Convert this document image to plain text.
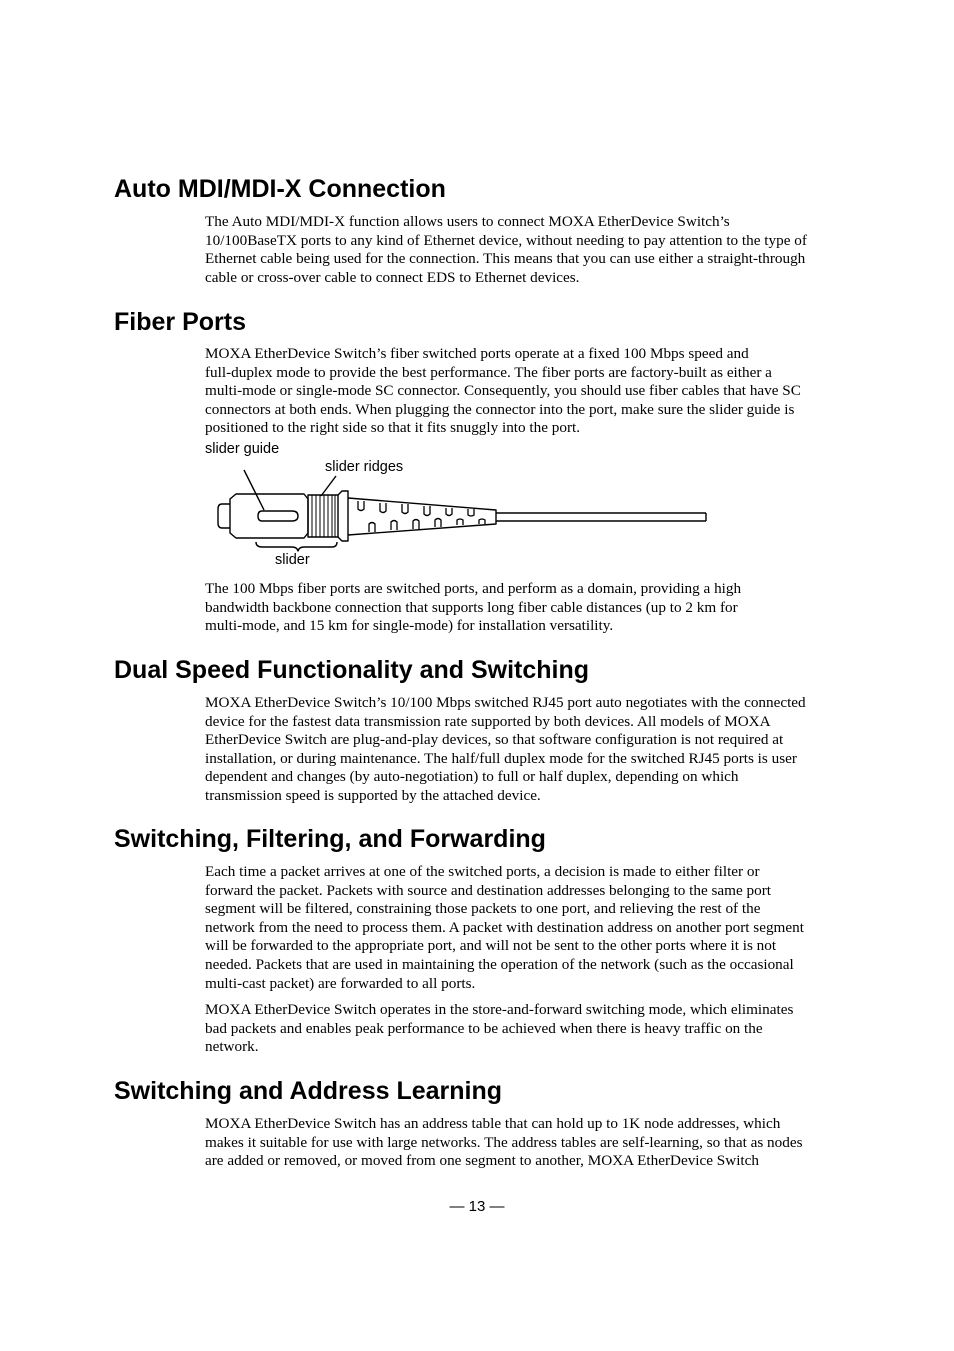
Auto MDI/MDI-X Connection

The Auto MDI/MDI-X function allows users to connect MOXA EtherDevice Switch’s
10/100BaseTX ports to any kind of Ethernet device, without needing to pay attention to the type of
Ethernet cable being used for the connection. This means that you can use either a straight-through
cable or cross-over cable to connect EDS to Ethernet devices.

Fiber Ports

MOXA EtherDevice Switch’s fiber switched ports operate at a fixed 100 Mbps speed and
full-duplex mode to provide the best performance. The fiber ports are factory-built as either a
multi-mode or single-mode SC connector. Consequently, you should use fiber cables that have SC
connectors at both ends. When plugging the connector into the port, make sure the slider guide is
positioned to the right side so that it fits snuggly into the port.

slider guide
slider ridges
slider

The 100 Mbps fiber ports are switched ports, and perform as a domain, providing a high
bandwidth backbone connection that supports long fiber cable distances (up to 2 km for
multi-mode, and 15 km for single-mode) for installation versatility.

Dual Speed Functionality and Switching

MOXA EtherDevice Switch’s 10/100 Mbps switched RJ45 port auto negotiates with the connected
device for the fastest data transmission rate supported by both devices. All models of MOXA
EtherDevice Switch are plug-and-play devices, so that software configuration is not required at
installation, or during maintenance. The half/full duplex mode for the switched RJ45 ports is user
dependent and changes (by auto-negotiation) to full or half duplex, depending on which
transmission speed is supported by the attached device.

Switching, Filtering, and Forwarding

Each time a packet arrives at one of the switched ports, a decision is made to either filter or
forward the packet. Packets with source and destination addresses belonging to the same port
segment will be filtered, constraining those packets to one port, and relieving the rest of the
network from the need to process them. A packet with destination address on another port segment
will be forwarded to the appropriate port, and will not be sent to the other ports where it is not
needed. Packets that are used in maintaining the operation of the network (such as the occasional
multi-cast packet) are forwarded to all ports.

MOXA EtherDevice Switch operates in the store-and-forward switching mode, which eliminates
bad packets and enables peak performance to be achieved when there is heavy traffic on the
network.

Switching and Address Learning

MOXA EtherDevice Switch has an address table that can hold up to 1K node addresses, which
makes it suitable for use with large networks. The address tables are self-learning, so that as nodes
are added or removed, or moved from one segment to another, MOXA EtherDevice Switch

— 13 —
